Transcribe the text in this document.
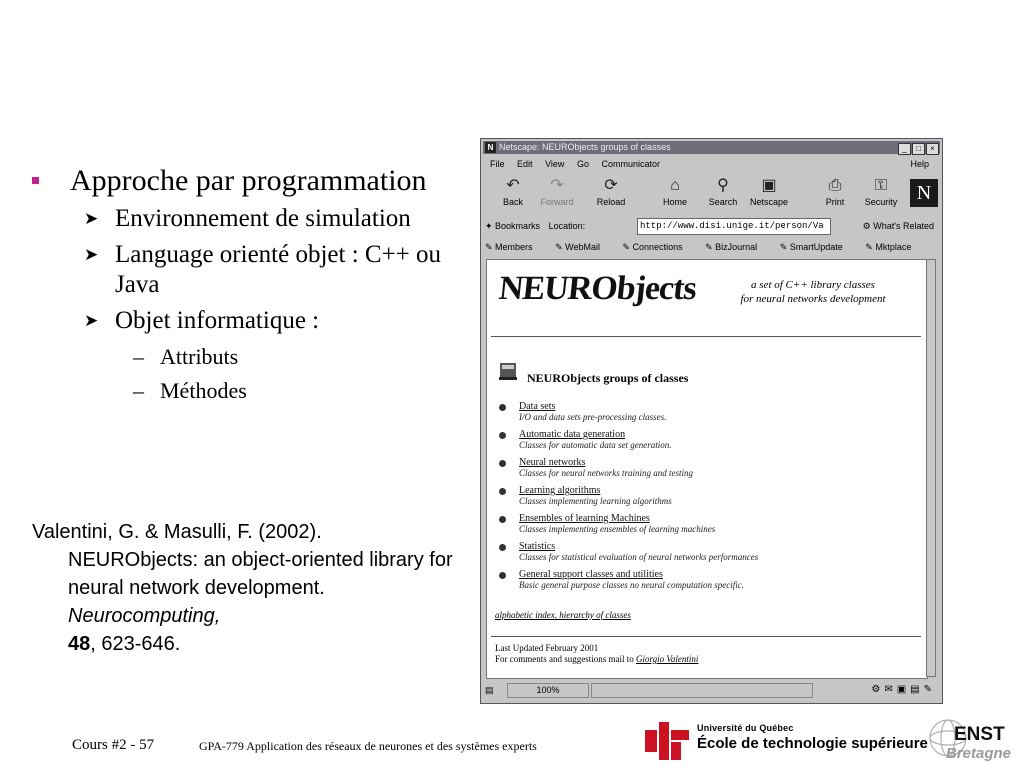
Approche par programmation
➤ Environnement de simulation
➤ Language orienté objet : C++ ou Java
➤ Objet informatique :
– Attributs
– Méthodes
Valentini, G. & Masulli, F. (2002).
NEURObjects: an object-oriented library for neural network development. Neurocomputing,
48, 623-646.
N Netscape: NEURObjects groups of classes	_ □ ×
File Edit View Go Communicator	Help
↶
Back
↷
Forward
⟳
Reload
⌂
Home
⚲
Search
▣
Netscape
⎙
Print
⚿
Security N
✦ Bookmarks Location:	http://www.disi.unige.it/person/Va	⚙ What's Related
✎ Members	✎ WebMail	✎ Connections	✎ BizJournal	✎ SmartUpdate	✎ Mktplace
NEURObjects	a set of C++ library classes
for neural networks development
NEURObjects groups of classes
Data sets
I/O and data sets pre-processing classes.
Automatic data generation
Classes for automatic data set generation.
Neural networks
Classes for neural networks training and testing
Learning algorithms
Classes implementing learning algorithms
Ensembles of learning Machines
Classes implementing ensembles of learning machines
Statistics
Classes for statistical evaluation of neural networks performances
General support classes and utilities
Basic general purpose classes no neural computation specific.
alphabetic index, hierarchy of classes
Last Updated February 2001
For comments and suggestions mail to Giorgio Valentini
▤	100%	⚙✉▣▤✎
Cours #2 - 57	GPA-779 Application des réseaux de neurones et des systèmes experts
Université du Québec
École de technologie supérieure ENST
Bretagne
